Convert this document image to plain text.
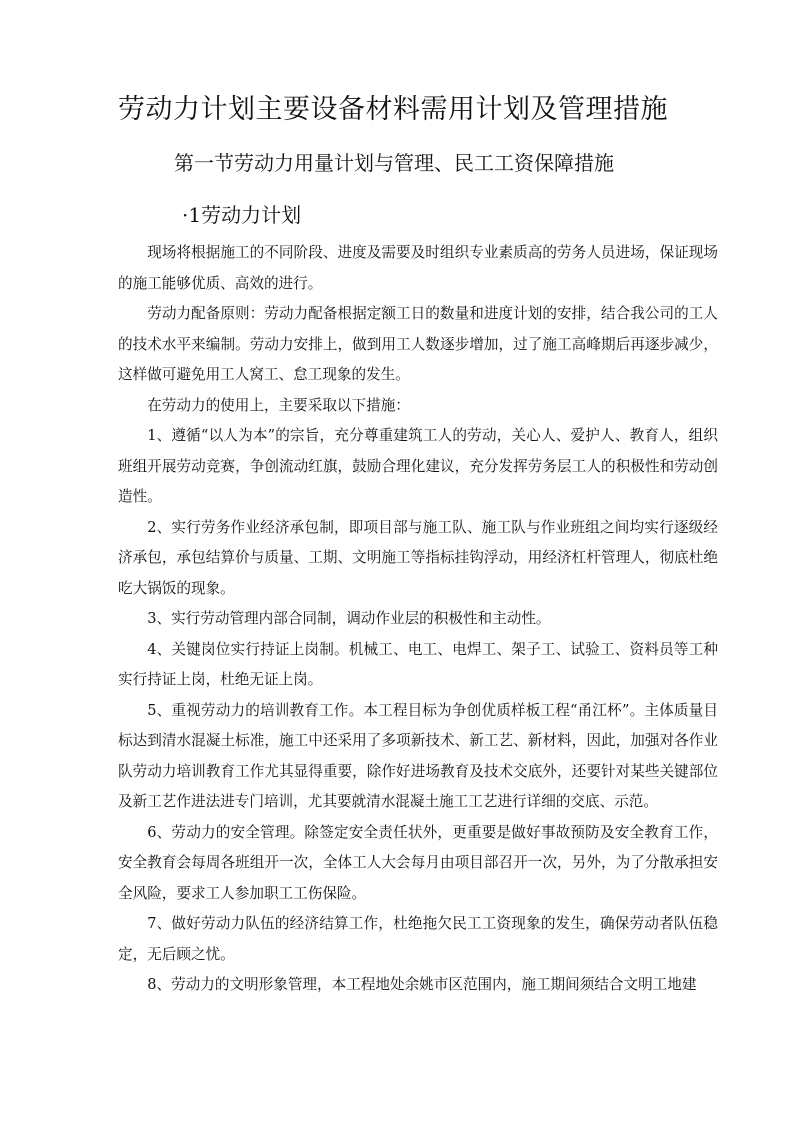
劳动力计划主要设备材料需用计划及管理措施
第一节劳动力用量计划与管理、民工工资保障措施
·1劳动力计划

现场将根据施工的不同阶段、进度及需要及时组织专业素质高的劳务人员进场，保证现场的施工能够优质、高效的进行。

劳动力配备原则：劳动力配备根据定额工日的数量和进度计划的安排，结合我公司的工人的技术水平来编制。劳动力安排上，做到用工人数逐步增加，过了施工高峰期后再逐步减少，这样做可避免用工人窝工、怠工现象的发生。

在劳动力的使用上，主要采取以下措施：

1、遵循“以人为本”的宗旨，充分尊重建筑工人的劳动，关心人、爱护人、教育人，组织班组开展劳动竞赛，争创流动红旗，鼓励合理化建议，充分发挥劳务层工人的积极性和劳动创造性。

2、实行劳务作业经济承包制，即项目部与施工队、施工队与作业班组之间均实行逐级经济承包，承包结算价与质量、工期、文明施工等指标挂钩浮动，用经济杠杆管理人，彻底杜绝吃大锅饭的现象。

3、实行劳动管理内部合同制，调动作业层的积极性和主动性。

4、关键岗位实行持证上岗制。机械工、电工、电焊工、架子工、试验工、资料员等工种实行持证上岗，杜绝无证上岗。

5、重视劳动力的培训教育工作。本工程目标为争创优质样板工程“甬江杯”。主体质量目标达到清水混凝土标准，施工中还采用了多项新技术、新工艺、新材料，因此，加强对各作业队劳动力培训教育工作尤其显得重要，除作好进场教育及技术交底外，还要针对某些关键部位及新工艺作进法进专门培训，尤其要就清水混凝土施工工艺进行详细的交底、示范。

6、劳动力的安全管理。除签定安全责任状外，更重要是做好事故预防及安全教育工作，安全教育会每周各班组开一次，全体工人大会每月由项目部召开一次，另外，为了分散承担安全风险，要求工人参加职工工伤保险。

7、做好劳动力队伍的经济结算工作，杜绝拖欠民工工资现象的发生，确保劳动者队伍稳定，无后顾之忧。

8、劳动力的文明形象管理，本工程地处余姚市区范围内，施工期间须结合文明工地建
